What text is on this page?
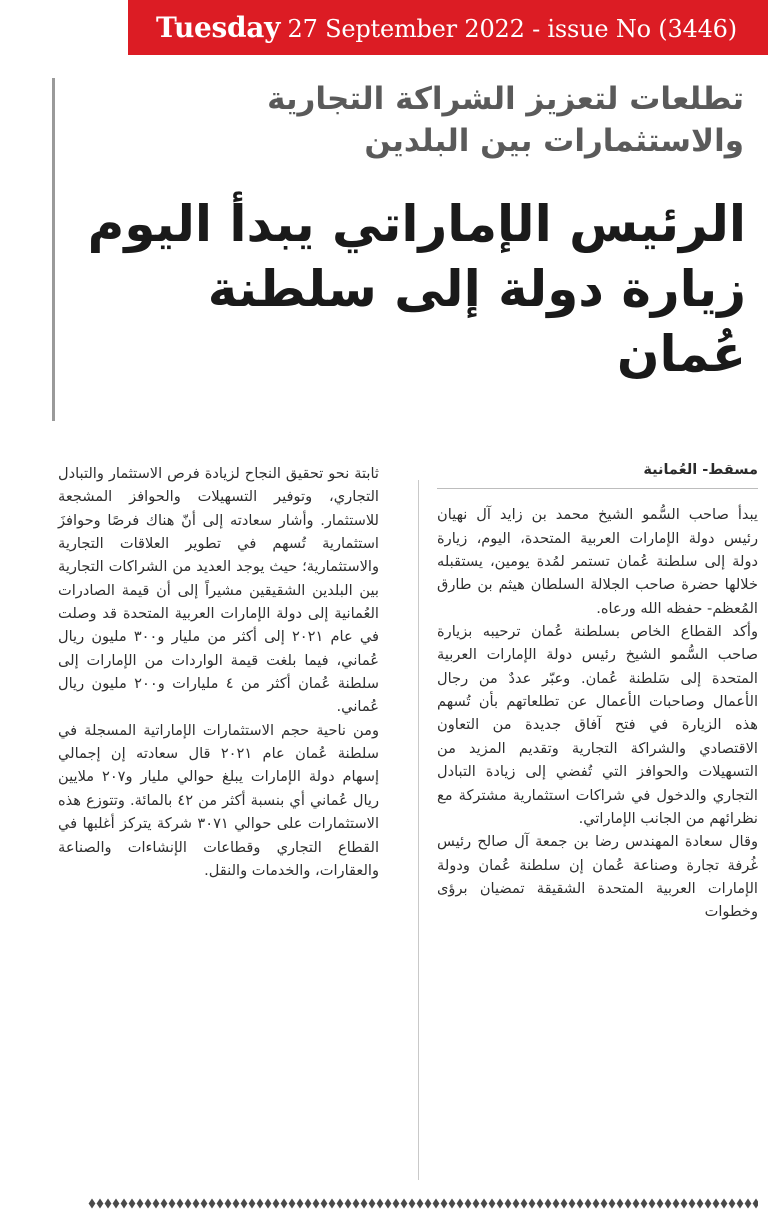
Tuesday 27 September 2022 - issue No (3446)
تطلعات لتعزيز الشراكة التجارية
والاستثمارات بين البلدين
الرئيس الإماراتي يبدأ اليوم
زيارة دولة إلى سلطنة عُمان
مسقط- العُمانية

يبدأ صاحب السُّمو الشيخ محمد بن زايد آل نهيان رئيس دولة الإمارات العربية المتحدة، اليوم، زيارة دولة إلى سلطنة عُمان تستمر لمُدة يومين، يستقبله خلالها حضرة صاحب الجلالة السلطان هيثم بن طارق المُعظم- حفظه الله ورعاه.

وأكد القطاع الخاص بسلطنة عُمان ترحيبه بزيارة صاحب السُّمو الشيخ رئيس دولة الإمارات العربية المتحدة إلى سَلطنة عُمان. وعبّر عددٌ من رجال الأعمال وصاحبات الأعمال عن تطلعاتهم بأن تُسهم هذه الزيارة في فتح آفاق جديدة من التعاون الاقتصادي والشراكة التجارية وتقديم المزيد من التسهيلات والحوافز التي تُفضي إلى زيادة التبادل التجاري والدخول في شراكات استثمارية مشتركة مع نظرائهم من الجانب الإماراتي.

وقال سعادة المهندس رضا بن جمعة آل صالح رئيس غُرفة تجارة وصناعة عُمان إن سلطنة عُمان ودولة الإمارات العربية المتحدة الشقيقة تمضيان برؤى وخطوات

ثابتة نحو تحقيق النجاح لزيادة فرص الاستثمار والتبادل التجاري، وتوفير التسهيلات والحوافز المشجعة للاستثمار. وأشار سعادته إلى أنّ هناك فرصًا وحوافزَ استثمارية تُسهم في تطوير العلاقات التجارية والاستثمارية؛ حيث يوجد العديد من الشراكات التجارية بين البلدين الشقيقين مشيراً إلى أن قيمة الصادرات العُمانية إلى دولة الإمارات العربية المتحدة قد وصلت في عام ٢٠٢١ إلى أكثر من مليار و٣٠٠ مليون ريال عُماني، فيما بلغت قيمة الواردات من الإمارات إلى سلطنة عُمان أكثر من ٤ مليارات و٢٠٠ مليون ريال عُماني.

ومن ناحية حجم الاستثمارات الإماراتية المسجلة في سلطنة عُمان عام ٢٠٢١ قال سعادته إن إجمالي إسهام دولة الإمارات يبلغ حوالي مليار و٢٠٧ ملايين ريال عُماني أي بنسبة أكثر من ٤٢ بالمائة. وتتوزع هذه الاستثمارات على حوالي ٣٠٧١ شركة يتركز أغلبها في القطاع التجاري وقطاعات الإنشاءات والصناعة والعقارات، والخدمات والنقل.
